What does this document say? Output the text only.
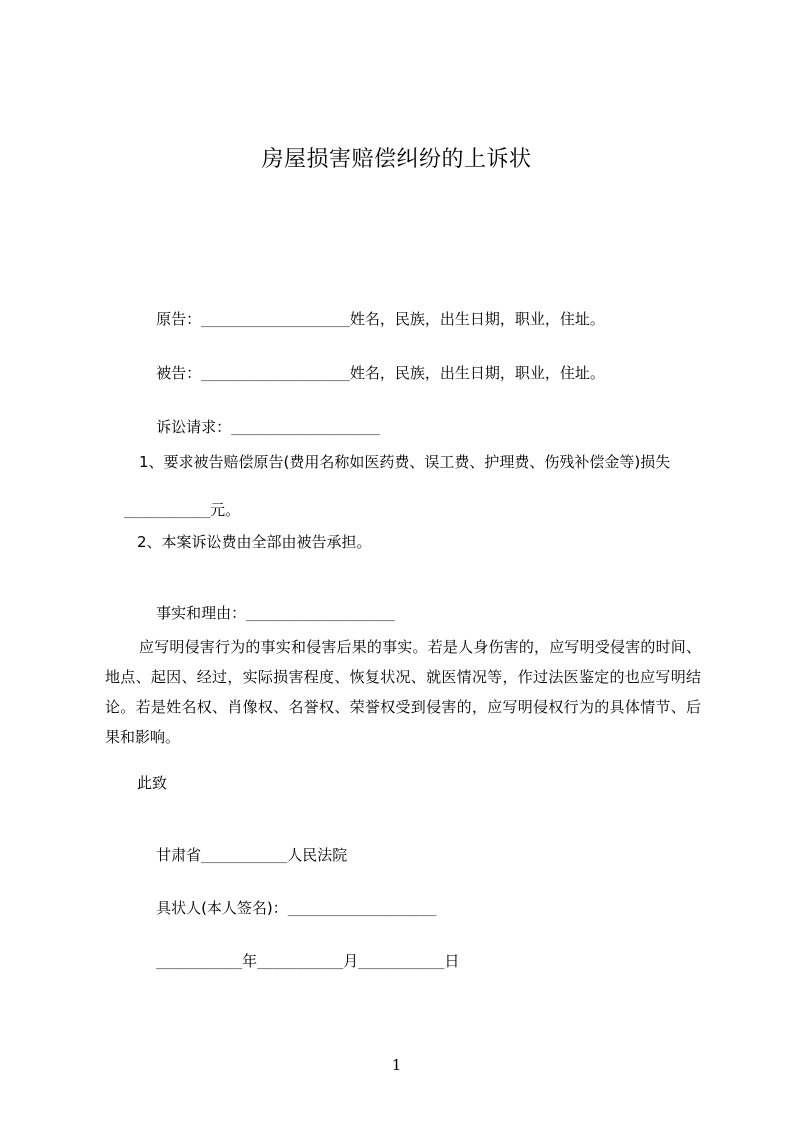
房屋损害赔偿纠纷的上诉状

原告：___________________姓名，民族，出生日期，职业，住址。

被告：___________________姓名，民族，出生日期，职业，住址。

诉讼请求：___________________

1、要求被告赔偿原告(费用名称如医药费、误工费、护理费、伤残补偿金等)损失

___________元。

2、本案诉讼费由全部由被告承担。

事实和理由：___________________

应写明侵害行为的事实和侵害后果的事实。若是人身伤害的，应写明受侵害的时间、地点、起因、经过，实际损害程度、恢复状况、就医情况等，作过法医鉴定的也应写明结论。若是姓名权、肖像权、名誉权、荣誉权受到侵害的，应写明侵权行为的具体情节、后果和影响。
此致

甘肃省___________人民法院

具状人(本人签名)：___________________

___________年___________月___________日

1
